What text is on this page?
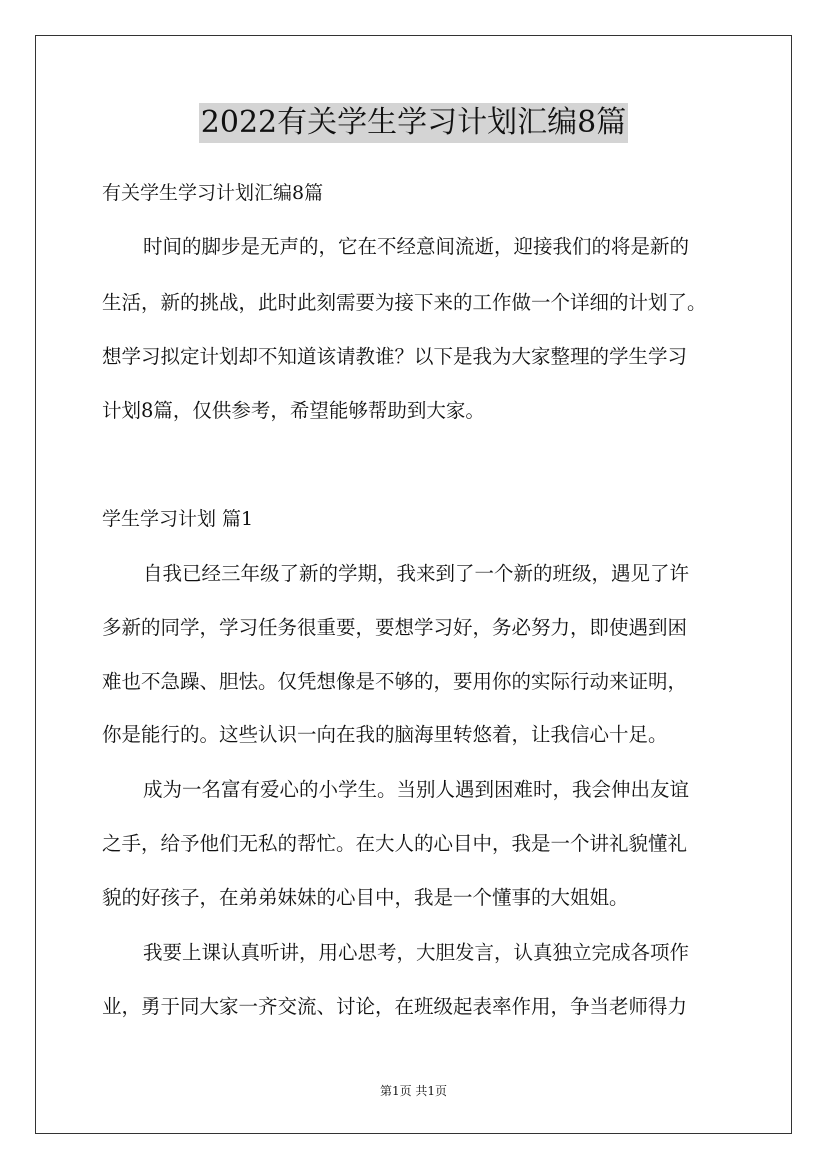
2022有关学生学习计划汇编8篇
有关学生学习计划汇编8篇
时间的脚步是无声的，它在不经意间流逝，迎接我们的将是新的
生活，新的挑战，此时此刻需要为接下来的工作做一个详细的计划了。
想学习拟定计划却不知道该请教谁？以下是我为大家整理的学生学习
计划8篇，仅供参考，希望能够帮助到大家。
学生学习计划 篇1
自我已经三年级了新的学期，我来到了一个新的班级，遇见了许
多新的同学，学习任务很重要，要想学习好，务必努力，即使遇到困
难也不急躁、胆怯。仅凭想像是不够的，要用你的实际行动来证明，
你是能行的。这些认识一向在我的脑海里转悠着，让我信心十足。
成为一名富有爱心的小学生。当别人遇到困难时，我会伸出友谊
之手，给予他们无私的帮忙。在大人的心目中，我是一个讲礼貌懂礼
貌的好孩子，在弟弟妹妹的心目中，我是一个懂事的大姐姐。
我要上课认真听讲，用心思考，大胆发言，认真独立完成各项作
业，勇于同大家一齐交流、讨论，在班级起表率作用，争当老师得力
第1页 共1页
